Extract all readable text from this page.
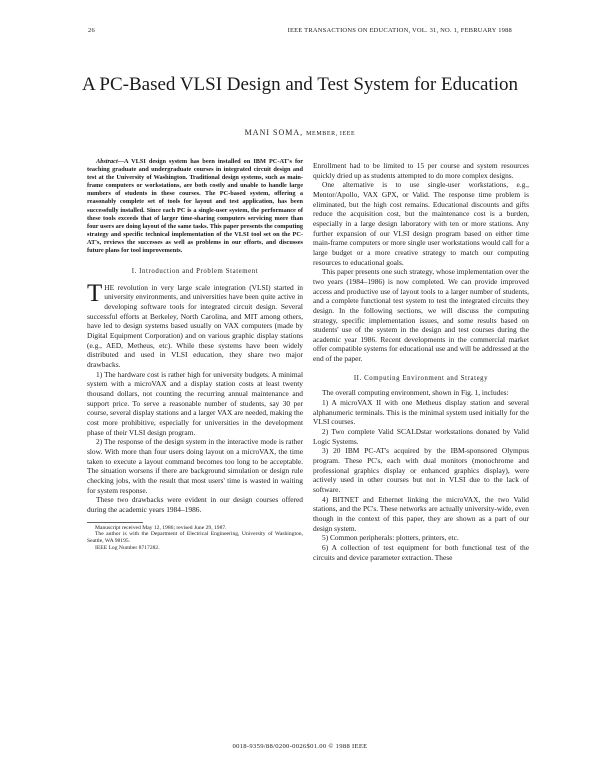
26	IEEE TRANSACTIONS ON EDUCATION, VOL. 31, NO. 1, FEBRUARY 1988
A PC-Based VLSI Design and Test System for Education
MANI SOMA, MEMBER, IEEE

Abstract—A VLSI design system has been installed on IBM PC-AT's for teaching graduate and undergraduate courses in integrated circuit design and test at the University of Washington. Traditional design systems, such as main-frame computers or workstations, are both costly and unable to handle large numbers of students in these courses. The PC-based system, offering a reasonably complete set of tools for layout and test application, has been successfully installed. Since each PC is a single-user system, the performance of these tools exceeds that of larger time-sharing computers servicing more than four users are doing layout of the same tasks. This paper presents the computing strategy and specific technical implementation of the VLSI tool set on the PC-AT's, reviews the successes as well as problems in our efforts, and discusses future plans for tool improvements.

I. Introduction and Problem Statement

THE revolution in very large scale integration (VLSI) started in university environments, and universities have been quite active in developing software tools for integrated circuit design. Several successful efforts at Berkeley, North Carolina, and MIT among others, have led to design systems based usually on VAX computers (made by Digital Equipment Corporation) and on various graphic display stations (e.g., AED, Metheus, etc). While these systems have been widely distributed and used in VLSI education, they share two major drawbacks.

1) The hardware cost is rather high for university budgets. A minimal system with a microVAX and a display station costs at least twenty thousand dollars, not counting the recurring annual maintenance and support price. To serve a reasonable number of students, say 30 per course, several display stations and a larger VAX are needed, making the cost more prohibitive, especially for universities in the development phase of their VLSI design program.

2) The response of the design system in the interactive mode is rather slow. With more than four users doing layout on a microVAX, the time taken to execute a layout command becomes too long to be acceptable. The situation worsens if there are background simulation or design rule checking jobs, with the result that most users' time is wasted in waiting for system response.

These two drawbacks were evident in our design courses offered during the academic years 1984–1986.

Manuscript received May 12, 1986; revised June 29, 1987.

The author is with the Department of Electrical Engineering, University of Washington, Seattle, WA 98195.

IEEE Log Number 8717282.

Enrollment had to be limited to 15 per course and system resources quickly dried up as students attempted to do more complex designs.

One alternative is to use single-user workstations, e.g., Mentor/Apollo, VAX GPX, or Valid. The response time problem is eliminated, but the high cost remains. Educational discounts and gifts reduce the acquisition cost, but the maintenance cost is a burden, especially in a large design laboratory with ten or more stations. Any further expansion of our VLSI design program based on either time main-frame computers or more single user workstations would call for a large budget or a more creative strategy to match our computing resources to educational goals.

This paper presents one such strategy, whose implementation over the two years (1984–1986) is now completed. We can provide improved access and productive use of layout tools to a larger number of students, and a complete functional test system to test the integrated circuits they design. In the following sections, we will discuss the computing strategy, specific implementation issues, and some results based on students' use of the system in the design and test courses during the academic year 1986. Recent developments in the commercial market offer compatible systems for educational use and will be addressed at the end of the paper.

II. Computing Environment and Strategy

The overall computing environment, shown in Fig. 1, includes:

1) A microVAX II with one Metheus display station and several alphanumeric terminals. This is the minimal system used initially for the VLSI courses.

2) Two complete Valid SCALDstar workstations donated by Valid Logic Systems.

3) 20 IBM PC-AT's acquired by the IBM-sponsored Olympus program. These PC's, each with dual monitors (monochrome and professional graphics display or enhanced graphics display), were actively used in other courses but not in VLSI due to the lack of software.

4) BITNET and Ethernet linking the microVAX, the two Valid stations, and the PC's. These networks are actually university-wide, even though in the context of this paper, they are shown as a part of our design system.

5) Common peripherals: plotters, printers, etc.

6) A collection of test equipment for both functional test of the circuits and device parameter extraction. These

0018-9359/88/0200-0026$01.00 © 1988 IEEE
